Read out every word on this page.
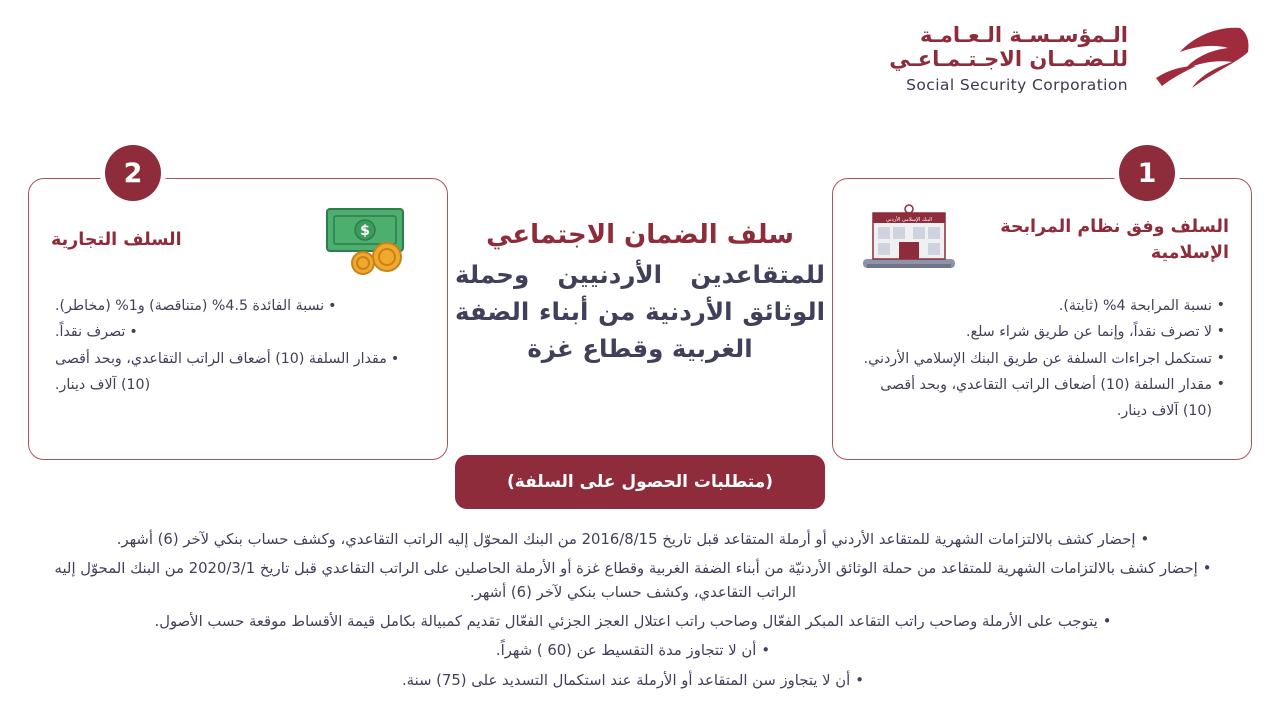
الـمؤسـسـة الـعـامـة
للـضـمـان الاجـتـمـاعـي
Social Security Corporation
سلف الضمان الاجتماعي
للمتقاعدين الأردنيين وحملة الوثائق الأردنية من أبناء الضفة الغربية وقطاع غزة
1
السلف وفق نظام المرابحة الإسلامية
البنك الإسلامي الأردني
• نسبة المرابحة 4% (ثابتة).
• لا تصرف نقداً، وإنما عن طريق شراء سلع.
• تستكمل اجراءات السلفة عن طريق البنك الإسلامي الأردني.
• مقدار السلفة (10) أضعاف الراتب التقاعدي، وبحد أقصى (10) آلاف دينار.
2
السلف التجارية	$
• نسبة الفائدة 4.5% (متناقصة) و1% (مخاطر).
• تصرف نقداً.
• مقدار السلفة (10) أضعاف الراتب التقاعدي، وبحد أقصى (10) آلاف دينار.
(متطلبات الحصول على السلفة)
•إحضار كشف بالالتزامات الشهرية للمتقاعد الأردني أو أرملة المتقاعد قبل تاريخ 2016/8/15 من البنك المحوّل إليه الراتب التقاعدي، وكشف حساب بنكي لآخر (6) أشهر.
•إحضار كشف بالالتزامات الشهرية للمتقاعد من حملة الوثائق الأردنيّة من أبناء الضفة الغربية وقطاع غزة أو الأرملة الحاصلين على الراتب التقاعدي قبل تاريخ 2020/3/1 من البنك المحوّل إليه الراتب التقاعدي، وكشف حساب بنكي لآخر (6) أشهر.
•يتوجب على الأرملة وصاحب راتب التقاعد المبكر الفعّال وصاحب راتب اعتلال العجز الجزئي الفعّال تقديم كمبيالة بكامل قيمة الأقساط موقعة حسب الأصول.
•أن لا تتجاوز مدة التقسيط عن (60 ) شهراً.
•أن لا يتجاوز سن المتقاعد أو الأرملة عند استكمال التسديد على (75) سنة.
